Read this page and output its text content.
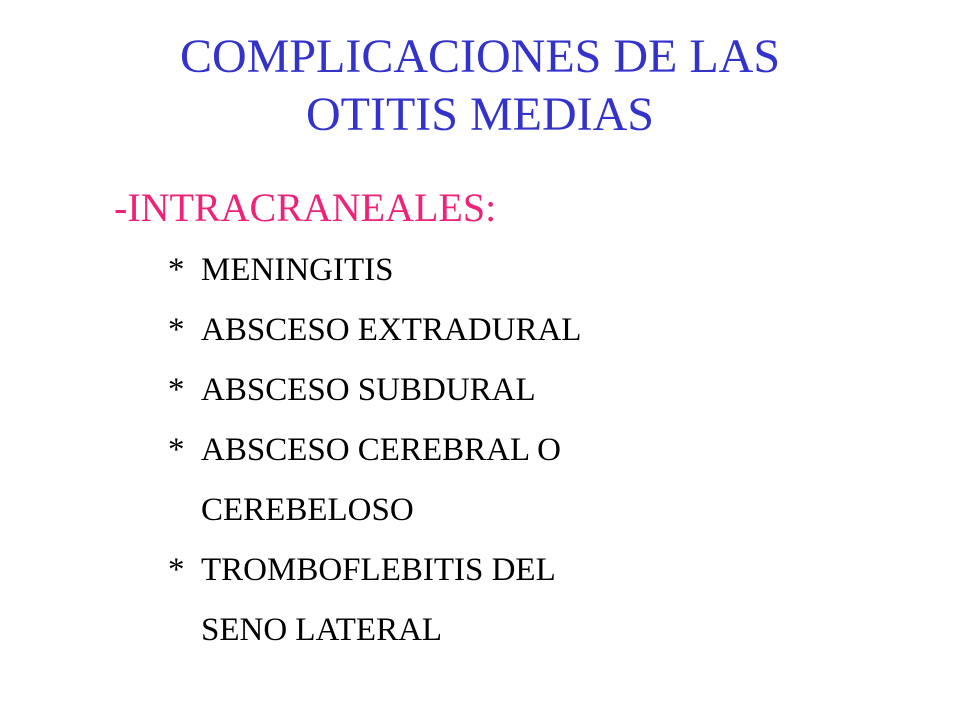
COMPLICACIONES DE LAS
OTITIS MEDIAS
-INTRACRANEALES:
* MENINGITIS
* ABSCESO EXTRADURAL
* ABSCESO SUBDURAL
* ABSCESO CEREBRAL O
CEREBELOSO
* TROMBOFLEBITIS DEL
SENO LATERAL
